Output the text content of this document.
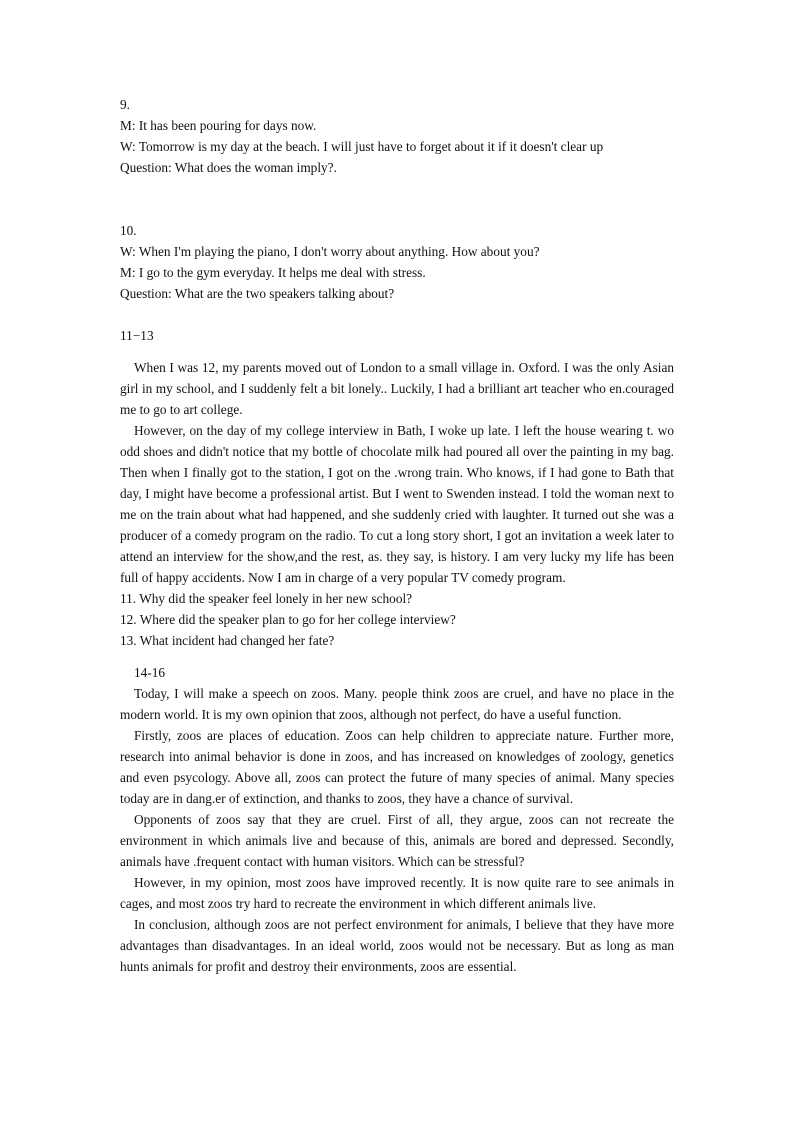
9.

M: It has been pouring for days now.

W: Tomorrow is my day at the beach. I will just have to forget about it if it doesn't clear up

Question: What does the woman imply?.

10.

W: When I'm playing the piano, I don't worry about anything. How about you?

M: I go to the gym everyday. It helps me deal with stress.

Question: What are the two speakers talking about?

11−13

When I was 12, my parents moved out of London to a small village in. Oxford. I was the only Asian girl in my school, and I suddenly felt a bit lonely.. Luckily, I had a brilliant art teacher who en.couraged me to go to art college.

However, on the day of my college interview in Bath, I woke up late. I left the house wearing t. wo odd shoes and didn't notice that my bottle of chocolate milk had poured all over the painting in my bag. Then when I finally got to the station, I got on the .wrong train. Who knows, if I had gone to Bath that day, I might have become a professional artist. But I went to Swenden instead. I told the woman next to me on the train about what had happened, and she suddenly cried with laughter. It turned out she was a producer of a comedy program on the radio. To cut a long story short, I got an invitation a week later to attend an interview for the show,and the rest, as. they say, is history. I am very lucky my life has been full of happy accidents. Now I am in charge of a very popular TV comedy program.

11. Why did the speaker feel lonely in her new school?

12. Where did the speaker plan to go for her college interview?

13. What incident had changed her fate?

14-16

Today, I will make a speech on zoos. Many. people think zoos are cruel, and have no place in the modern world. It is my own opinion that zoos, although not perfect, do have a useful function.

Firstly, zoos are places of education. Zoos can help children to appreciate nature. Further more, research into animal behavior is done in zoos, and has increased on knowledges of zoology, genetics and even psycology. Above all, zoos can protect the future of many species of animal. Many species today are in dang.er of extinction, and thanks to zoos, they have a chance of survival.

Opponents of zoos say that they are cruel. First of all, they argue, zoos can not recreate the environment in which animals live and because of this, animals are bored and depressed. Secondly, animals have .frequent contact with human visitors. Which can be stressful?

However, in my opinion, most zoos have improved recently. It is now quite rare to see animals in cages, and most zoos try hard to recreate the environment in which different animals live.

In conclusion, although zoos are not perfect environment for animals, I believe that they have more advantages than disadvantages. In an ideal world, zoos would not be necessary. But as long as man hunts animals for profit and destroy their environments, zoos are essential.
